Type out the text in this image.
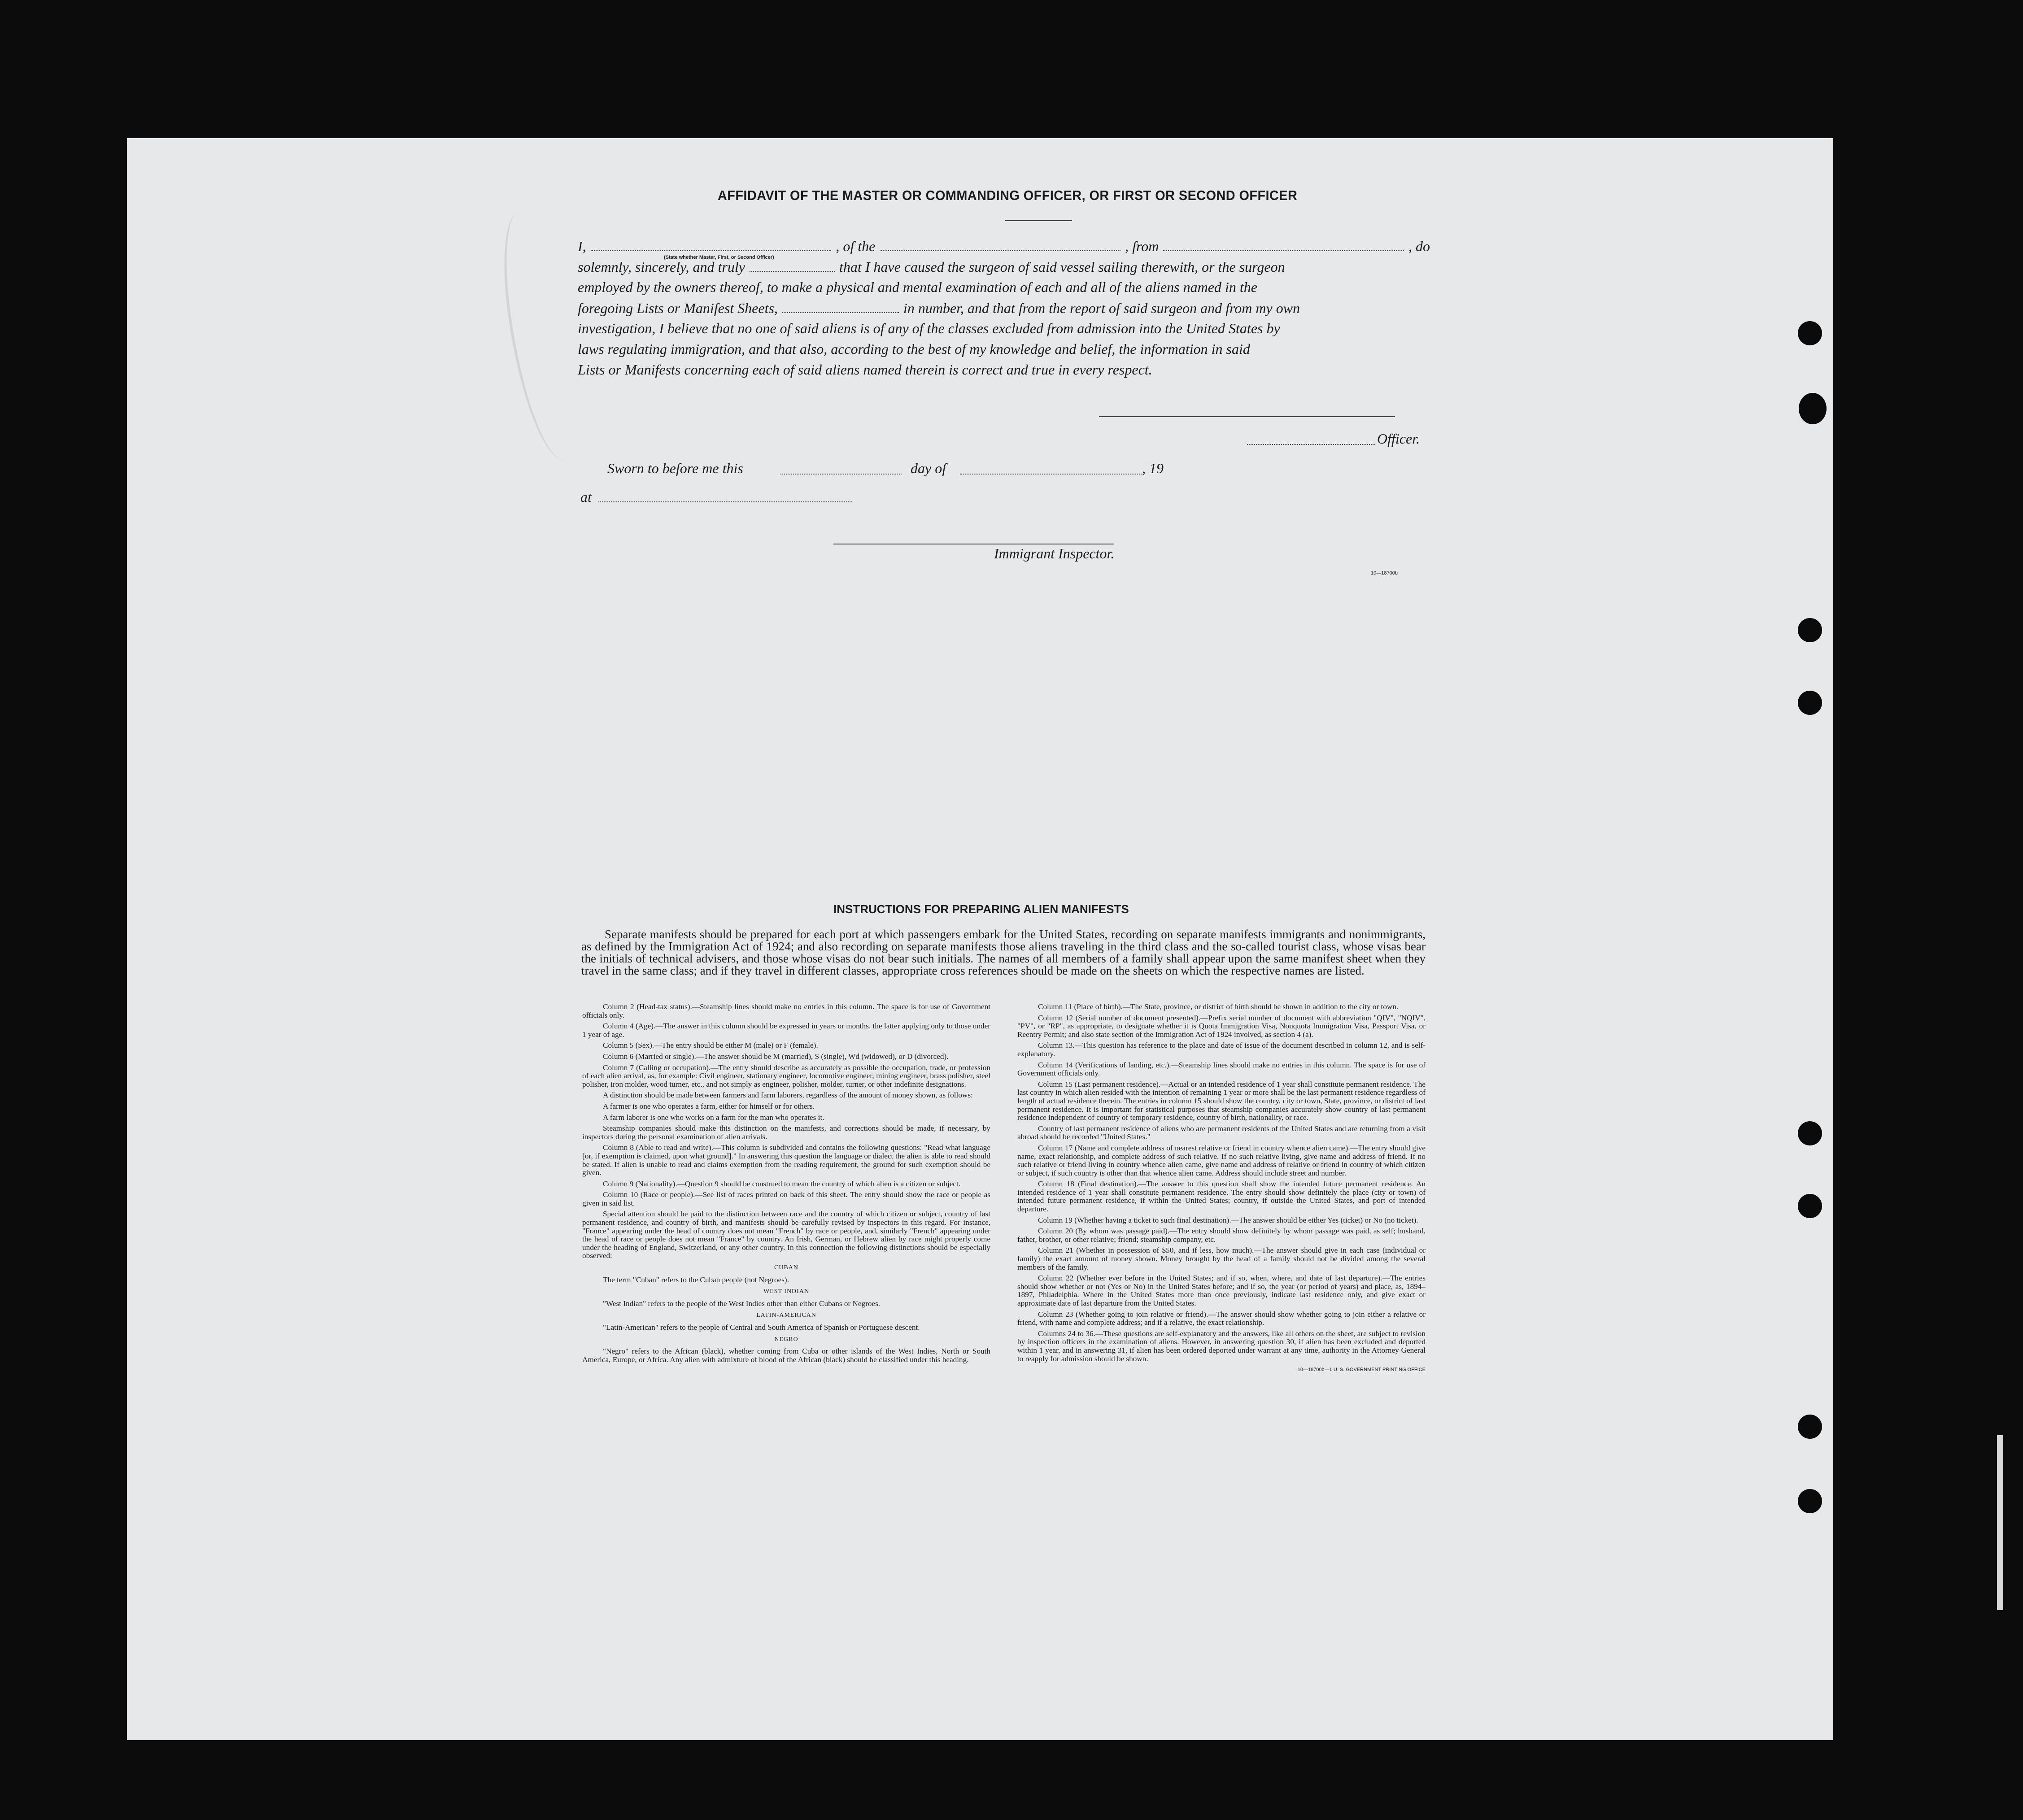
AFFIDAVIT OF THE MASTER OR COMMANDING OFFICER, OR FIRST OR SECOND OFFICER
I,	, of the	, from	, do
(State whether Master, First, or Second Officer)
solemnly, sincerely, and truly	that I have caused the surgeon of said vessel sailing therewith, or the surgeon
employed by the owners thereof, to make a physical and mental examination of each and all of the aliens named in the
foregoing Lists or Manifest Sheets,	in number, and that from the report of said surgeon and from my own
investigation, I believe that no one of said aliens is of any of the classes excluded from admission into the United States by
laws regulating immigration, and that also, according to the best of my knowledge and belief, the information in said
Lists or Manifests concerning each of said aliens named therein is correct and true in every respect.
Officer.
Sworn to before me this	day of	, 19
at
Immigrant Inspector.
10—18700b
INSTRUCTIONS FOR PREPARING ALIEN MANIFESTS
Separate manifests should be prepared for each port at which passengers embark for the United States, recording on separate manifests immigrants and nonimmigrants, as defined by the Immigration Act of 1924; and also recording on separate manifests those aliens traveling in the third class and the so-called tourist class, whose visas bear the initials of technical advisers, and those whose visas do not bear such initials. The names of all members of a family shall appear upon the same manifest sheet when they travel in the same class; and if they travel in different classes, appropriate cross references should be made on the sheets on which the respective names are listed.

Column 2 (Head-tax status).—Steamship lines should make no entries in this column. The space is for use of Government officials only.

Column 4 (Age).—The answer in this column should be expressed in years or months, the latter applying only to those under 1 year of age.

Column 5 (Sex).—The entry should be either M (male) or F (female).

Column 6 (Married or single).—The answer should be M (married), S (single), Wd (widowed), or D (divorced).

Column 7 (Calling or occupation).—The entry should describe as accurately as possible the occupation, trade, or profession of each alien arrival, as, for example: Civil engineer, stationary engineer, locomotive engineer, mining engineer, brass polisher, steel polisher, iron molder, wood turner, etc., and not simply as engineer, polisher, molder, turner, or other indefinite designations.

A distinction should be made between farmers and farm laborers, regardless of the amount of money shown, as follows:

A farmer is one who operates a farm, either for himself or for others.

A farm laborer is one who works on a farm for the man who operates it.

Steamship companies should make this distinction on the manifests, and corrections should be made, if necessary, by inspectors during the personal examination of alien arrivals.

Column 8 (Able to read and write).—This column is subdivided and contains the following questions: "Read what language [or, if exemption is claimed, upon what ground]." In answering this question the language or dialect the alien is able to read should be stated. If alien is unable to read and claims exemption from the reading requirement, the ground for such exemption should be given.

Column 9 (Nationality).—Question 9 should be construed to mean the country of which alien is a citizen or subject.

Column 10 (Race or people).—See list of races printed on back of this sheet. The entry should show the race or people as given in said list.

Special attention should be paid to the distinction between race and the country of which citizen or subject, country of last permanent residence, and country of birth, and manifests should be carefully revised by inspectors in this regard. For instance, "France" appearing under the head of country does not mean "French" by race or people, and, similarly "French" appearing under the head of race or people does not mean "France" by country. An Irish, German, or Hebrew alien by race might properly come under the heading of England, Switzerland, or any other country. In this connection the following distinctions should be especially observed:

CUBAN

The term "Cuban" refers to the Cuban people (not Negroes).

WEST INDIAN

"West Indian" refers to the people of the West Indies other than either Cubans or Negroes.

LATIN-AMERICAN

"Latin-American" refers to the people of Central and South America of Spanish or Portuguese descent.

NEGRO

"Negro" refers to the African (black), whether coming from Cuba or other islands of the West Indies, North or South America, Europe, or Africa. Any alien with admixture of blood of the African (black) should be classified under this heading.

Column 11 (Place of birth).—The State, province, or district of birth should be shown in addition to the city or town.

Column 12 (Serial number of document presented).—Prefix serial number of document with abbreviation "QIV", "NQIV", "PV", or "RP", as appropriate, to designate whether it is Quota Immigration Visa, Nonquota Immigration Visa, Passport Visa, or Reentry Permit; and also state section of the Immigration Act of 1924 involved, as section 4 (a).

Column 13.—This question has reference to the place and date of issue of the document described in column 12, and is self-explanatory.

Column 14 (Verifications of landing, etc.).—Steamship lines should make no entries in this column. The space is for use of Government officials only.

Column 15 (Last permanent residence).—Actual or an intended residence of 1 year shall constitute permanent residence. The last country in which alien resided with the intention of remaining 1 year or more shall be the last permanent residence regardless of length of actual residence therein. The entries in column 15 should show the country, city or town, State, province, or district of last permanent residence. It is important for statistical purposes that steamship companies accurately show country of last permanent residence independent of country of temporary residence, country of birth, nationality, or race.

Country of last permanent residence of aliens who are permanent residents of the United States and are returning from a visit abroad should be recorded "United States."

Column 17 (Name and complete address of nearest relative or friend in country whence alien came).—The entry should give name, exact relationship, and complete address of such relative. If no such relative living, give name and address of friend. If no such relative or friend living in country whence alien came, give name and address of relative or friend in country of which citizen or subject, if such country is other than that whence alien came. Address should include street and number.

Column 18 (Final destination).—The answer to this question shall show the intended future permanent residence. An intended residence of 1 year shall constitute permanent residence. The entry should show definitely the place (city or town) of intended future permanent residence, if within the United States; country, if outside the United States, and port of intended departure.

Column 19 (Whether having a ticket to such final destination).—The answer should be either Yes (ticket) or No (no ticket).

Column 20 (By whom was passage paid).—The entry should show definitely by whom passage was paid, as self; husband, father, brother, or other relative; friend; steamship company, etc.

Column 21 (Whether in possession of $50, and if less, how much).—The answer should give in each case (individual or family) the exact amount of money shown. Money brought by the head of a family should not be divided among the several members of the family.

Column 22 (Whether ever before in the United States; and if so, when, where, and date of last departure).—The entries should show whether or not (Yes or No) in the United States before; and if so, the year (or period of years) and place, as, 1894–1897, Philadelphia. Where in the United States more than once previously, indicate last residence only, and give exact or approximate date of last departure from the United States.

Column 23 (Whether going to join relative or friend).—The answer should show whether going to join either a relative or friend, with name and complete address; and if a relative, the exact relationship.

Columns 24 to 36.—These questions are self-explanatory and the answers, like all others on the sheet, are subject to revision by inspection officers in the examination of aliens. However, in answering question 30, if alien has been excluded and deported within 1 year, and in answering 31, if alien has been ordered deported under warrant at any time, authority in the Attorney General to reapply for admission should be shown.

10—18700b—1 U. S. GOVERNMENT PRINTING OFFICE
